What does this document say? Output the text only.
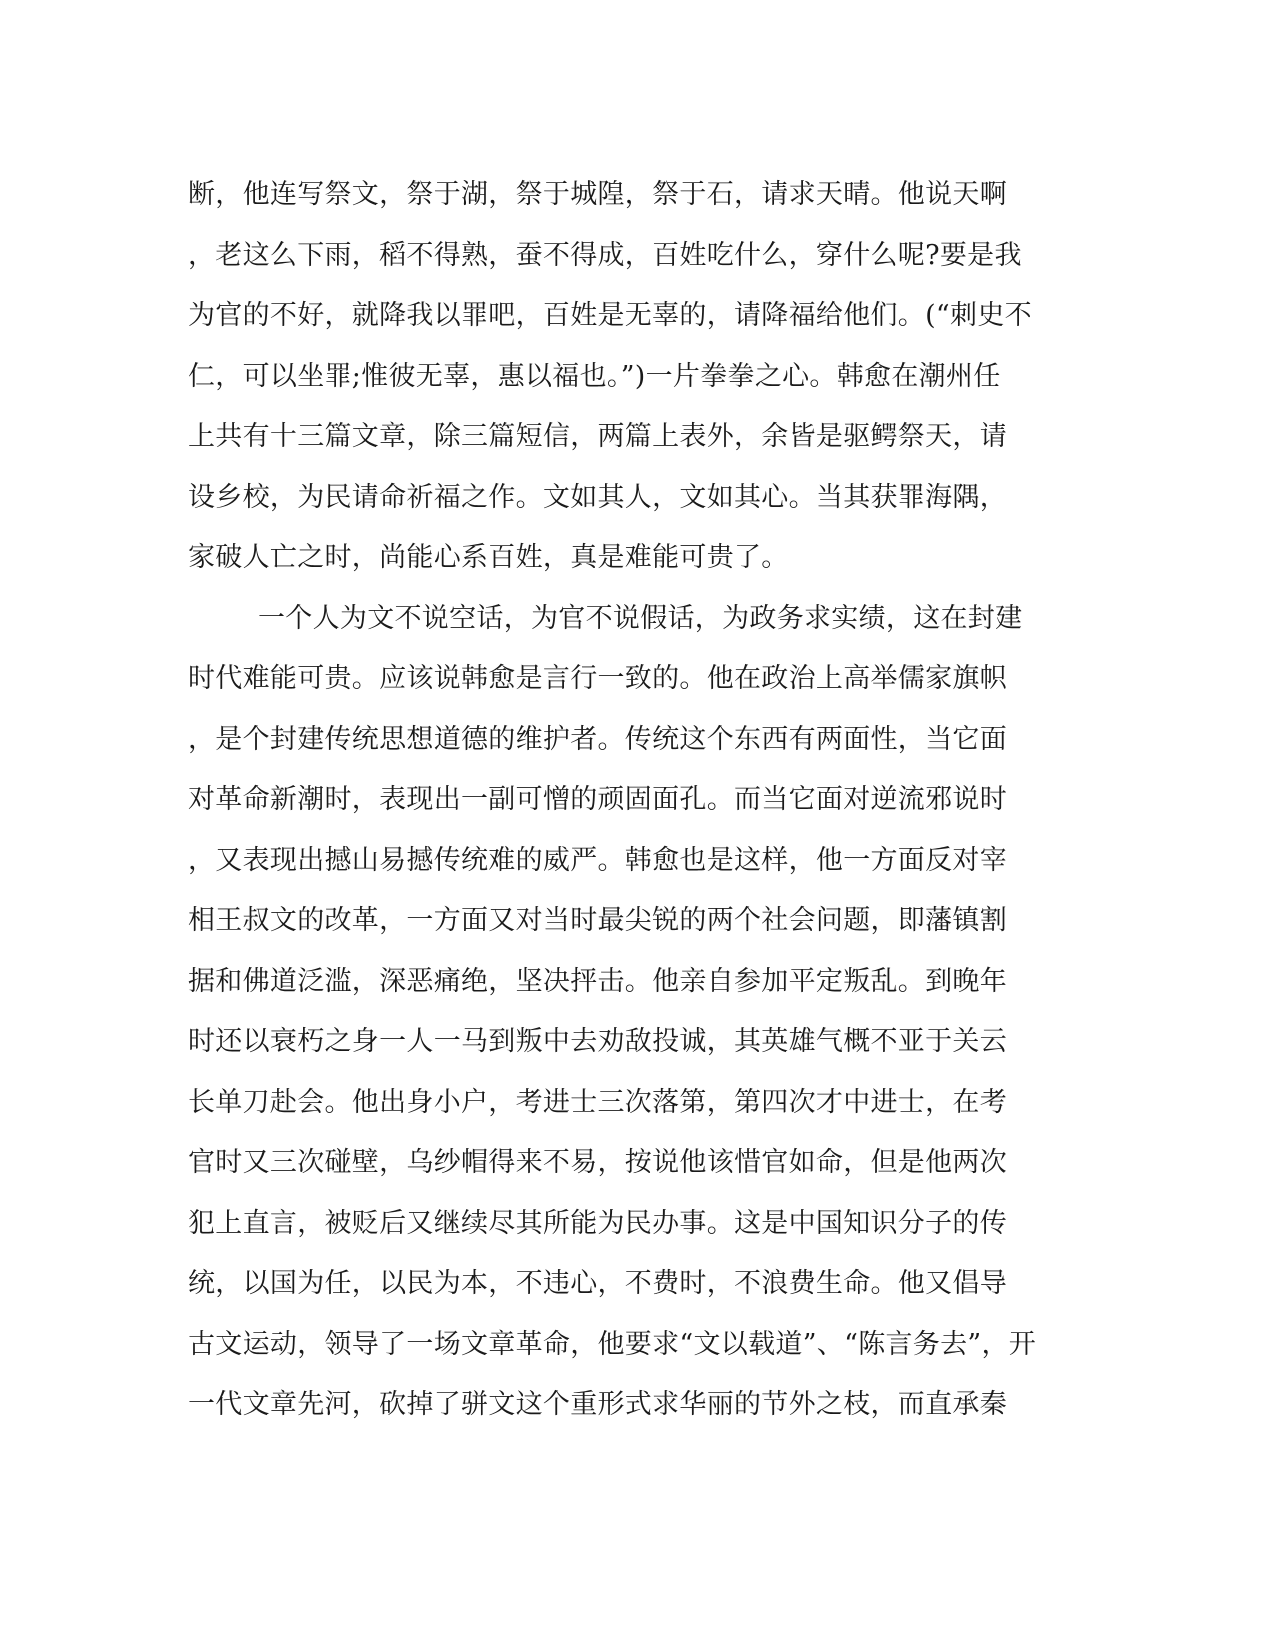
断，他连写祭文，祭于湖，祭于城隍，祭于石，请求天晴。他说天啊
，老这么下雨，稻不得熟，蚕不得成，百姓吃什么，穿什么呢?要是我
为官的不好，就降我以罪吧，百姓是无辜的，请降福给他们。(“刺史不
仁，可以坐罪;惟彼无辜，惠以福也。”)一片拳拳之心。韩愈在潮州任
上共有十三篇文章，除三篇短信，两篇上表外，余皆是驱鳄祭天，请
设乡校，为民请命祈福之作。文如其人，文如其心。当其获罪海隅，
家破人亡之时，尚能心系百姓，真是难能可贵了。
一个人为文不说空话，为官不说假话，为政务求实绩，这在封建
时代难能可贵。应该说韩愈是言行一致的。他在政治上高举儒家旗帜
，是个封建传统思想道德的维护者。传统这个东西有两面性，当它面
对革命新潮时，表现出一副可憎的顽固面孔。而当它面对逆流邪说时
，又表现出撼山易撼传统难的威严。韩愈也是这样，他一方面反对宰
相王叔文的改革，一方面又对当时最尖锐的两个社会问题，即藩镇割
据和佛道泛滥，深恶痛绝，坚决抨击。他亲自参加平定叛乱。到晚年
时还以衰朽之身一人一马到叛中去劝敌投诚，其英雄气概不亚于关云
长单刀赴会。他出身小户，考进士三次落第，第四次才中进士，在考
官时又三次碰壁，乌纱帽得来不易，按说他该惜官如命，但是他两次
犯上直言，被贬后又继续尽其所能为民办事。这是中国知识分子的传
统，以国为任，以民为本，不违心，不费时，不浪费生命。他又倡导
古文运动，领导了一场文章革命，他要求“文以载道”、“陈言务去”，开
一代文章先河，砍掉了骈文这个重形式求华丽的节外之枝，而直承秦
